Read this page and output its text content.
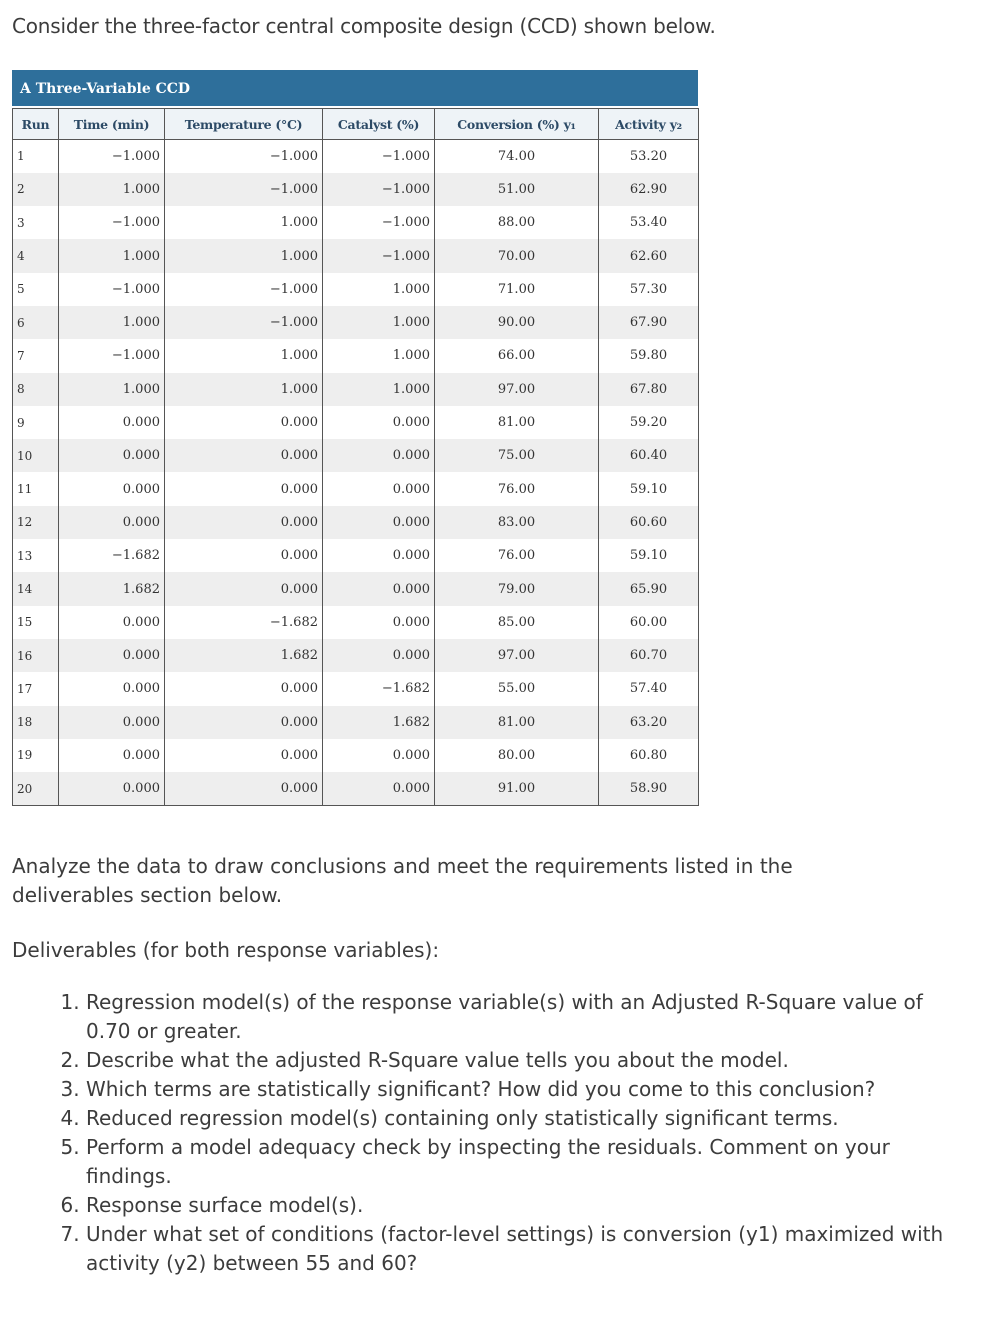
Consider the three-factor central composite design (CCD) shown below.

A Three-Variable CCD
Run	Time (min)	Temperature (°C)	Catalyst (%)	Conversion (%) y₁	Activity y₂
1	−1.000	−1.000	−1.000	74.00	53.20
2	1.000	−1.000	−1.000	51.00	62.90
3	−1.000	1.000	−1.000	88.00	53.40
4	1.000	1.000	−1.000	70.00	62.60
5	−1.000	−1.000	1.000	71.00	57.30
6	1.000	−1.000	1.000	90.00	67.90
7	−1.000	1.000	1.000	66.00	59.80
8	1.000	1.000	1.000	97.00	67.80
9	0.000	0.000	0.000	81.00	59.20
10	0.000	0.000	0.000	75.00	60.40
11	0.000	0.000	0.000	76.00	59.10
12	0.000	0.000	0.000	83.00	60.60
13	−1.682	0.000	0.000	76.00	59.10
14	1.682	0.000	0.000	79.00	65.90
15	0.000	−1.682	0.000	85.00	60.00
16	0.000	1.682	0.000	97.00	60.70
17	0.000	0.000	−1.682	55.00	57.40
18	0.000	0.000	1.682	81.00	63.20
19	0.000	0.000	0.000	80.00	60.80
20	0.000	0.000	0.000	91.00	58.90

Analyze the data to draw conclusions and meet the requirements listed in the deliverables section below.

Deliverables (for both response variables):

1. Regression model(s) of the response variable(s) with an Adjusted R-Square value of 0.70 or greater.
2. Describe what the adjusted R-Square value tells you about the model.
3. Which terms are statistically significant? How did you come to this conclusion?
4. Reduced regression model(s) containing only statistically significant terms.
5. Perform a model adequacy check by inspecting the residuals. Comment on your findings.
6. Response surface model(s).
7. Under what set of conditions (factor-level settings) is conversion (y1) maximized with activity (y2) between 55 and 60?
